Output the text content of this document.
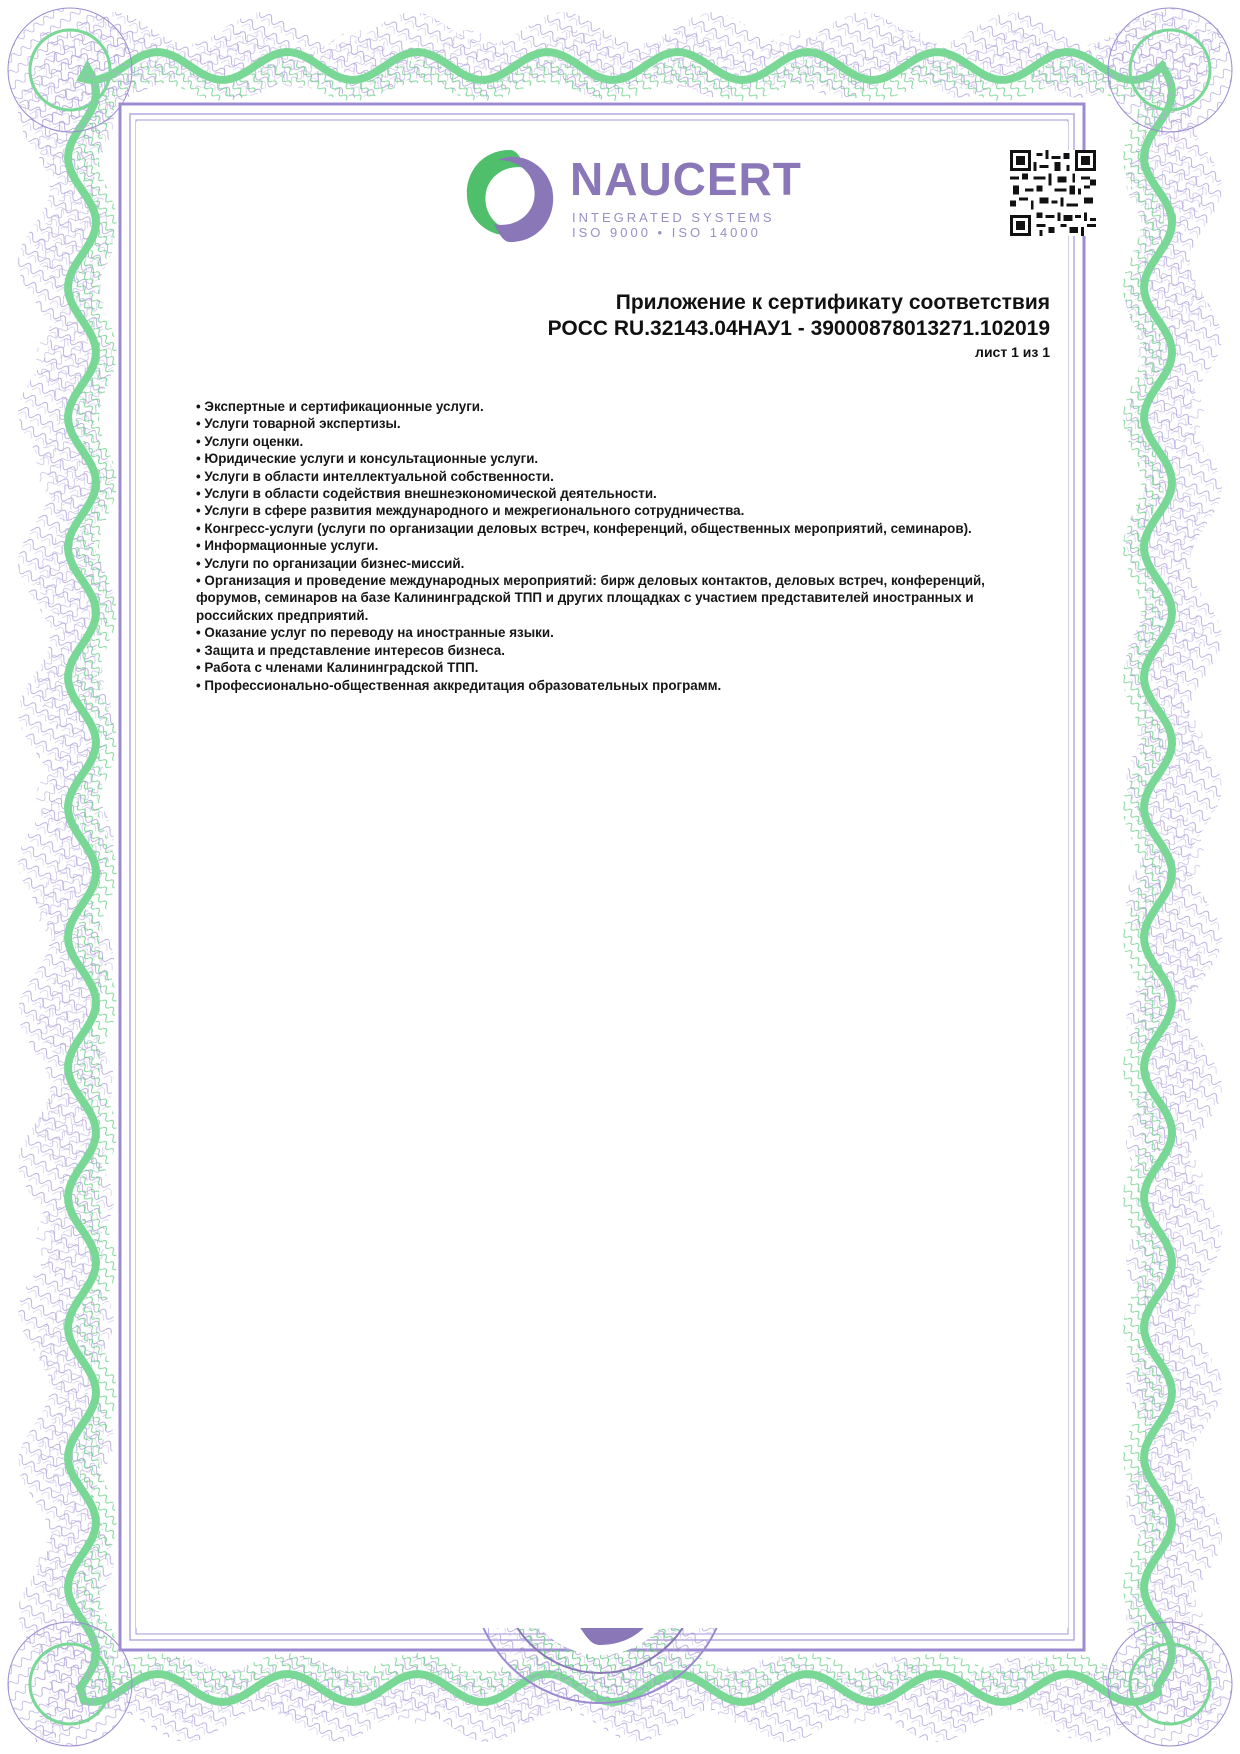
NAUCERT
INTEGRATED SYSTEMS
ISO 9000 • ISO 14000
Приложение к сертификату соответствия
РОСС RU.32143.04НАУ1 - 39000878013271.102019
лист 1 из 1
• Экспертные и сертификационные услуги.
• Услуги товарной экспертизы.
• Услуги оценки.
• Юридические услуги и консультационные услуги.
• Услуги в области интеллектуальной собственности.
• Услуги в области содействия внешнеэкономической деятельности.
• Услуги в сфере развития международного и межрегионального сотрудничества.
• Конгресс-услуги (услуги по организации деловых встреч, конференций, общественных мероприятий, семинаров).
• Информационные услуги.
• Услуги по организации бизнес-миссий.
• Организация и проведение международных мероприятий: бирж деловых контактов, деловых встреч, конференций, форумов, семинаров на базе Калининградской ТПП и других площадках с участием представителей иностранных и российских предприятий.
• Оказание услуг по переводу на иностранные языки.
• Защита и представление интересов бизнеса.
• Работа с членами Калининградской ТПП.
• Профессионально-общественная аккредитация образовательных программ.
